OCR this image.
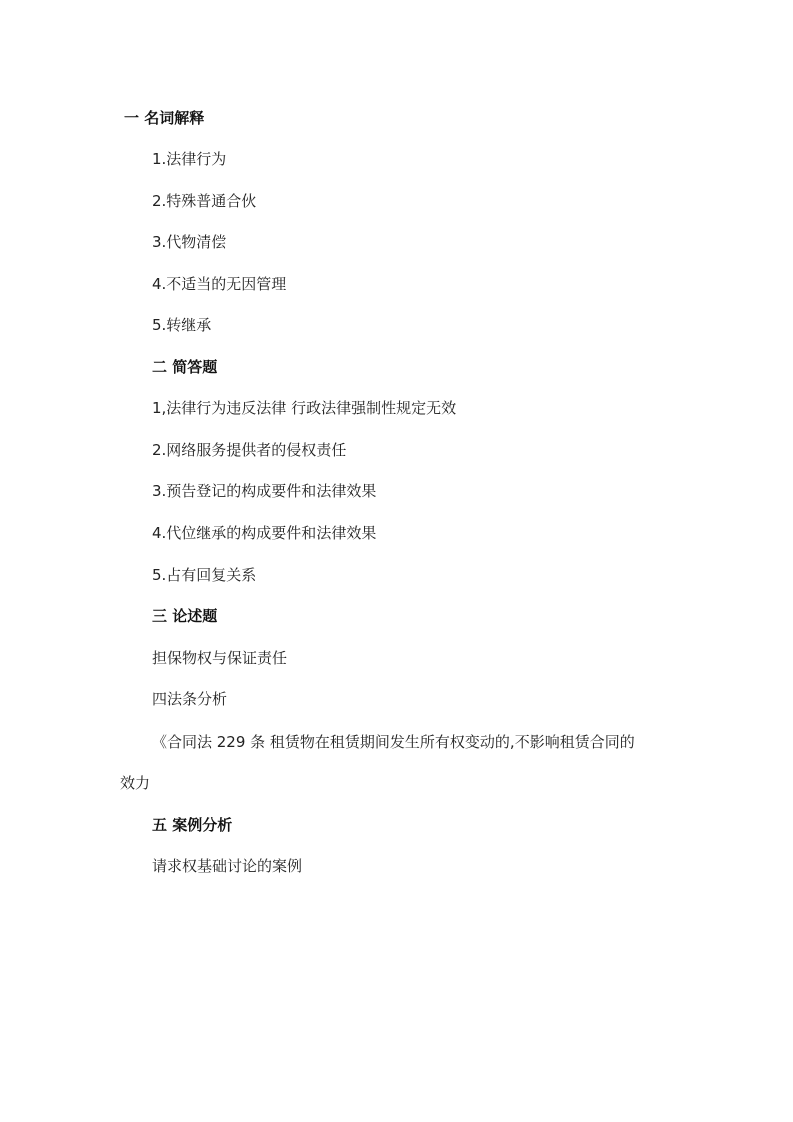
一 名词解释
1.法律行为
2.特殊普通合伙
3.代物清偿
4.不适当的无因管理
5.转继承
二 简答题
1,法律行为违反法律 行政法律强制性规定无效
2.网络服务提供者的侵权责任
3.预告登记的构成要件和法律效果
4.代位继承的构成要件和法律效果
5.占有回复关系
三 论述题
担保物权与保证责任
四法条分析
《合同法 229 条 租赁物在租赁期间发生所有权变动的,不影响租赁合同的
效力
五 案例分析
请求权基础讨论的案例
